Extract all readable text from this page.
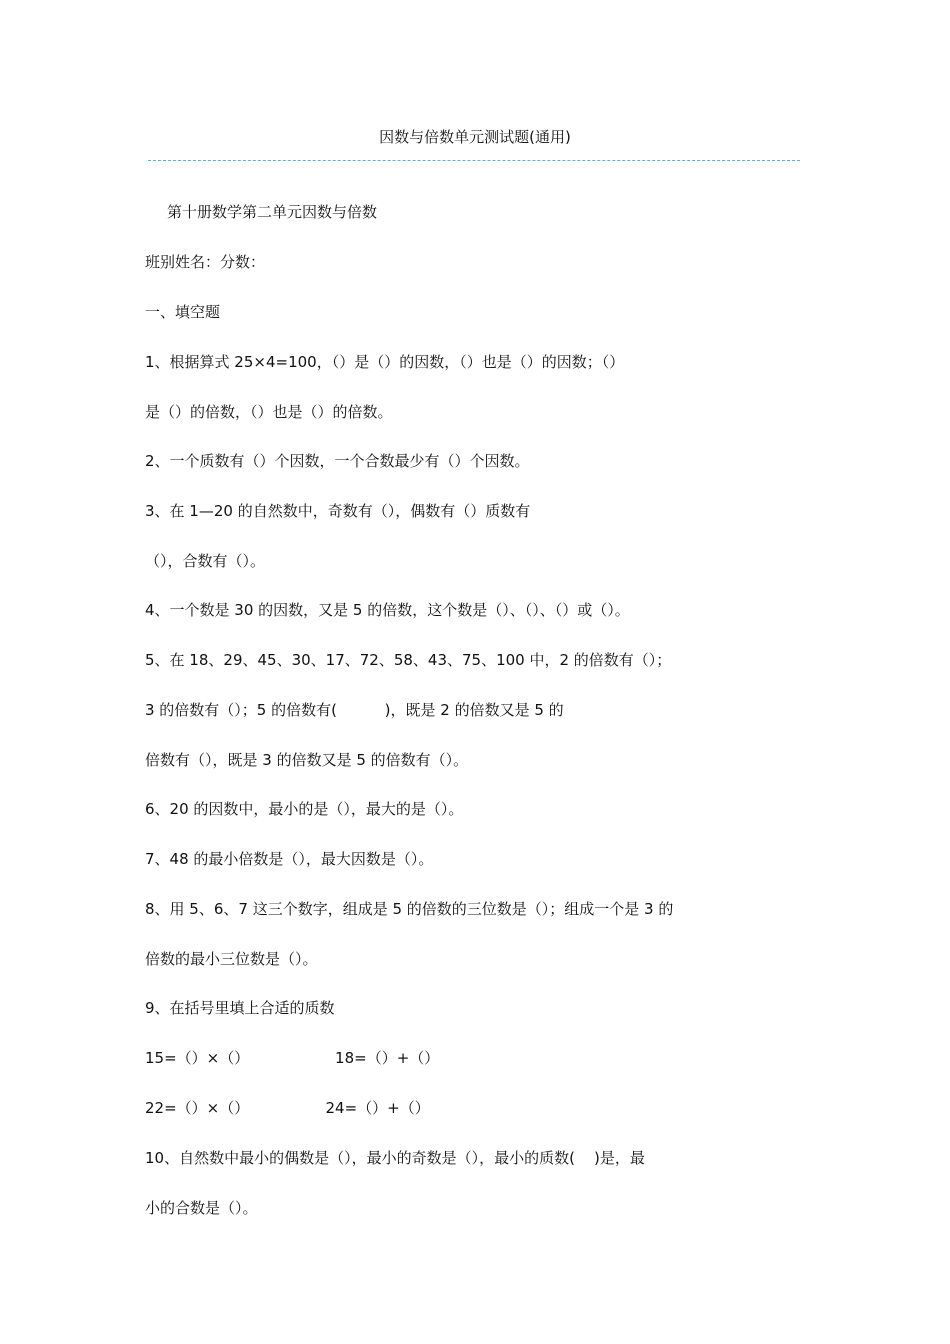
因数与倍数单元测试题(通用)
第十册数学第二单元因数与倍数
班别姓名：分数：
一、填空题
1、根据算式 25×4=100，（）是（）的因数，（）也是（）的因数；（）
是（）的倍数，（）也是（）的倍数。
2、一个质数有（）个因数，一个合数最少有（）个因数。
3、在 1—20 的自然数中，奇数有（），偶数有（）质数有
（），合数有（）。
4、一个数是 30 的因数，又是 5 的倍数，这个数是（）、（）、（）或（）。
5、在 18、29、45、30、17、72、58、43、75、100 中，2 的倍数有（）；
3 的倍数有（）；5 的倍数有(          )，既是 2 的倍数又是 5 的
倍数有（），既是 3 的倍数又是 5 的倍数有（）。
6、20 的因数中，最小的是（），最大的是（）。
7、48 的最小倍数是（），最大因数是（）。
8、用 5、6、7 这三个数字，组成是 5 的倍数的三位数是（）；组成一个是 3 的
倍数的最小三位数是（）。
9、在括号里填上合适的质数
15=（）×（）                  18=（）+（）
22=（）×（）                24=（）+（）
10、自然数中最小的偶数是（），最小的奇数是（），最小的质数(    )是，最
小的合数是（）。
